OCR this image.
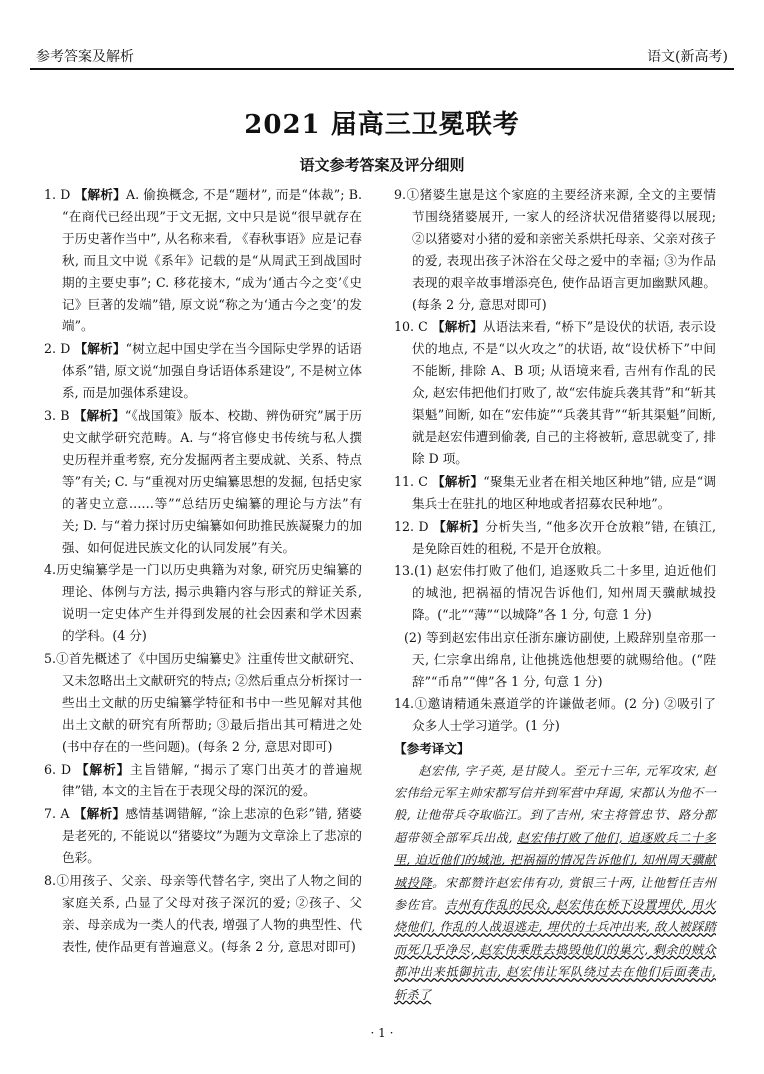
参考答案及解析	语文(新高考)
2021 届高三卫冕联考
语文参考答案及评分细则
1. D 【解析】A. 偷换概念, 不是“题材”, 而是“体裁”; B. “在商代已经出现”于文无据, 文中只是说“很早就存在于历史著作当中”, 从名称来看, 《春秋事语》应是记春秋, 而且文中说《系年》记载的是“从周武王到战国时期的主要史事”; C. 移花接木, “成为‘通古今之变’《史记》巨著的发端”错, 原文说“称之为‘通古今之变’的发端”。
2. D 【解析】“树立起中国史学在当今国际史学界的话语体系”错, 原文说“加强自身话语体系建设”, 不是树立体系, 而是加强体系建设。
3. B 【解析】“《战国策》版本、校勘、辨伪研究”属于历史文献学研究范畴。A. 与“将官修史书传统与私人撰史历程并重考察, 充分发掘两者主要成就、关系、特点等”有关; C. 与“重视对历史编纂思想的发掘, 包括史家的著史立意……等”“总结历史编纂的理论与方法”有关; D. 与“着力探讨历史编纂如何助推民族凝聚力的加强、如何促进民族文化的认同发展”有关。
4.历史编纂学是一门以历史典籍为对象, 研究历史编纂的理论、体例与方法, 揭示典籍内容与形式的辩证关系, 说明一定史体产生并得到发展的社会因素和学术因素的学科。(4 分)
5.①首先概述了《中国历史编纂史》注重传世文献研究、又未忽略出土文献研究的特点; ②然后重点分析探讨一些出土文献的历史编纂学特征和书中一些见解对其他出土文献的研究有所帮助; ③最后指出其可精进之处(书中存在的一些问题)。(每条 2 分, 意思对即可)
6. D 【解析】主旨错解, “揭示了寒门出英才的普遍规律”错, 本文的主旨在于表现父母的深沉的爱。
7. A 【解析】感情基调错解, “涂上悲凉的色彩”错, 猪婆是老死的, 不能说以“猪婆坟”为题为文章涂上了悲凉的色彩。
8.①用孩子、父亲、母亲等代替名字, 突出了人物之间的家庭关系, 凸显了父母对孩子深沉的爱; ②孩子、父亲、母亲成为一类人的代表, 增强了人物的典型性、代表性, 使作品更有普遍意义。(每条 2 分, 意思对即可)
9.①猪婆生崽是这个家庭的主要经济来源, 全文的主要情节围绕猪婆展开, 一家人的经济状况借猪婆得以展现; ②以猪婆对小猪的爱和亲密关系烘托母亲、父亲对孩子的爱, 表现出孩子沐浴在父母之爱中的幸福; ③为作品表现的艰辛故事增添亮色, 使作品语言更加幽默风趣。(每条 2 分, 意思对即可)
10. C 【解析】从语法来看, “桥下”是设伏的状语, 表示设伏的地点, 不是“以火攻之”的状语, 故“设伏桥下”中间不能断, 排除 A、B 项; 从语境来看, 吉州有作乱的民众, 赵宏伟把他们打败了, 故“宏伟旋兵袭其背”和“斩其渠魁”间断, 如在“宏伟旋”“兵袭其背”“斩其渠魁”间断, 就是赵宏伟遭到偷袭, 自己的主将被斩, 意思就变了, 排除 D 项。
11. C 【解析】“聚集无业者在相关地区种地”错, 应是“调集兵士在驻扎的地区种地或者招募农民种地”。
12. D 【解析】分析失当, “他多次开仓放粮”错, 在镇江, 是免除百姓的租税, 不是开仓放粮。
13.(1) 赵宏伟打败了他们, 追逐败兵二十多里, 迫近他们的城池, 把祸福的情况告诉他们, 知州周天骥献城投降。(“北”“薄”“以城降”各 1 分, 句意 1 分)
(2) 等到赵宏伟出京任浙东廉访副使, 上殿辞别皇帝那一天, 仁宗拿出绵帛, 让他挑选他想要的就赐给他。(“陛辞”“币帛”“俾”各 1 分, 句意 1 分)
14.①邀请精通朱熹道学的许谦做老师。(2 分) ②吸引了众多人士学习道学。(1 分)
【参考译文】
赵宏伟, 字子英, 是甘陵人。至元十三年, 元军攻宋, 赵宏伟给元军主帅宋都写信并到军营中拜谒, 宋都认为他不一般, 让他带兵夺取临江。到了吉州, 宋主将管忠节、路分都超带领全部军兵出战, 赵宏伟打败了他们, 追逐败兵二十多里, 迫近他们的城池, 把祸福的情况告诉他们, 知州周天骥献城投降。宋都赞许赵宏伟有功, 赏银三十两, 让他暂任吉州参佐官。吉州有作乱的民众, 赵宏伟在桥下设置埋伏, 用火烧他们, 作乱的人战退逃走, 埋伏的士兵冲出来, 敌人被踩踏而死几乎净尽, 赵宏伟乘胜去捣毁他们的巢穴, 剩余的贼众都冲出来抵御抗击, 赵宏伟让军队绕过去在他们后面袭击, 斩杀了
· 1 ·
